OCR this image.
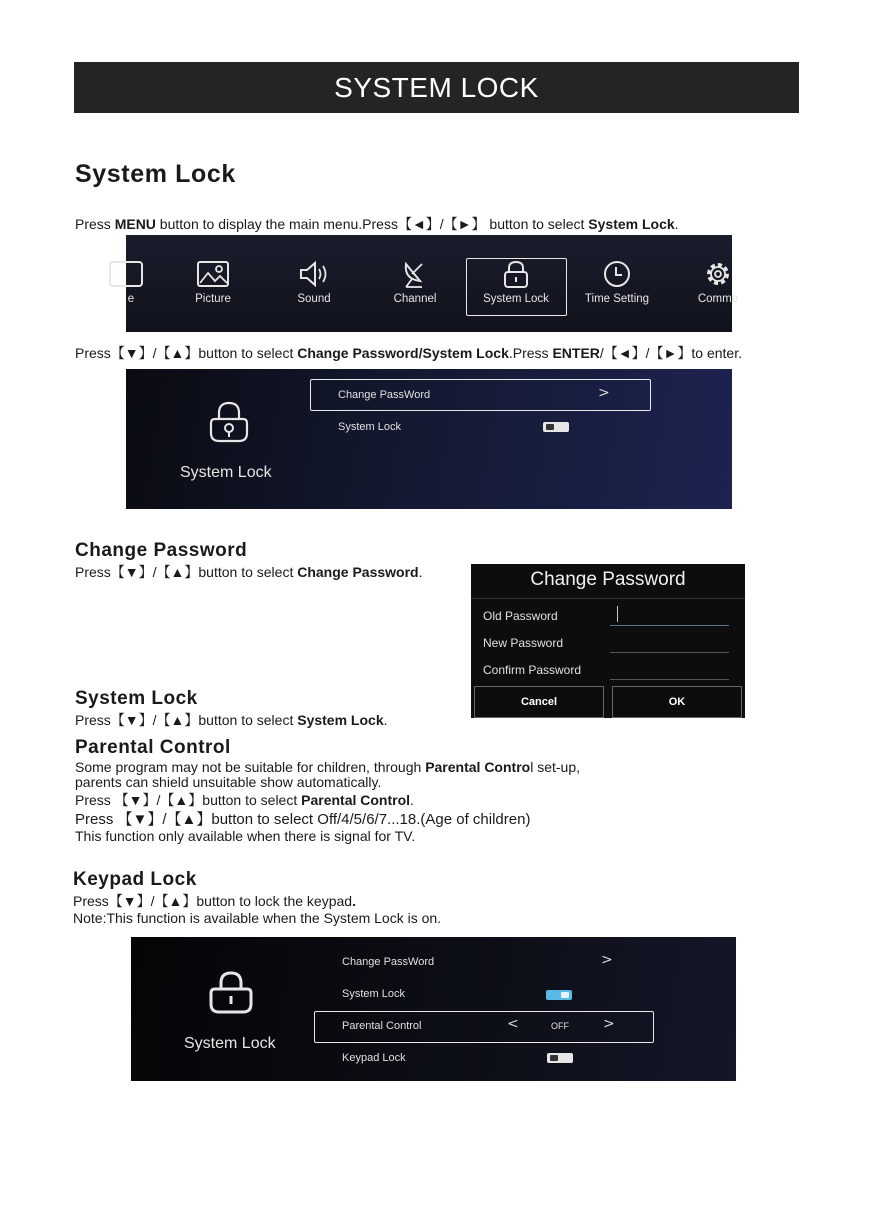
SYSTEM LOCK
System Lock
Press MENU button to display the main menu.Press【◄】/【►】 button to select System Lock.
e	Picture	Sound	Channel	System Lock	Time Setting	Commo
Press【▼】/【▲】button to select Change Password/System Lock.Press ENTER/【◄】/【►】to enter.
System Lock
Change PassWord	>
System Lock
Change Password
Press【▼】/【▲】button to select Change Password.	Change Password
Old Password
New Password
Confirm Password
Cancel	OK
System Lock
Press【▼】/【▲】button to select System Lock.
Parental Control
Some program may not be suitable for children, through Parental Control set-up,
parents can shield unsuitable show automatically.
Press 【▼】/【▲】button to select Parental Control.
Press 【▼】/【▲】button to select Off/4/5/6/7...18.(Age of children)
This function only available when there is signal for TV.
Keypad Lock
Press【▼】/【▲】button to lock the keypad.
Note:This function is available when the System Lock is on.
System Lock
Change PassWord	>
System Lock
Parental Control	<	OFF >
Keypad Lock
